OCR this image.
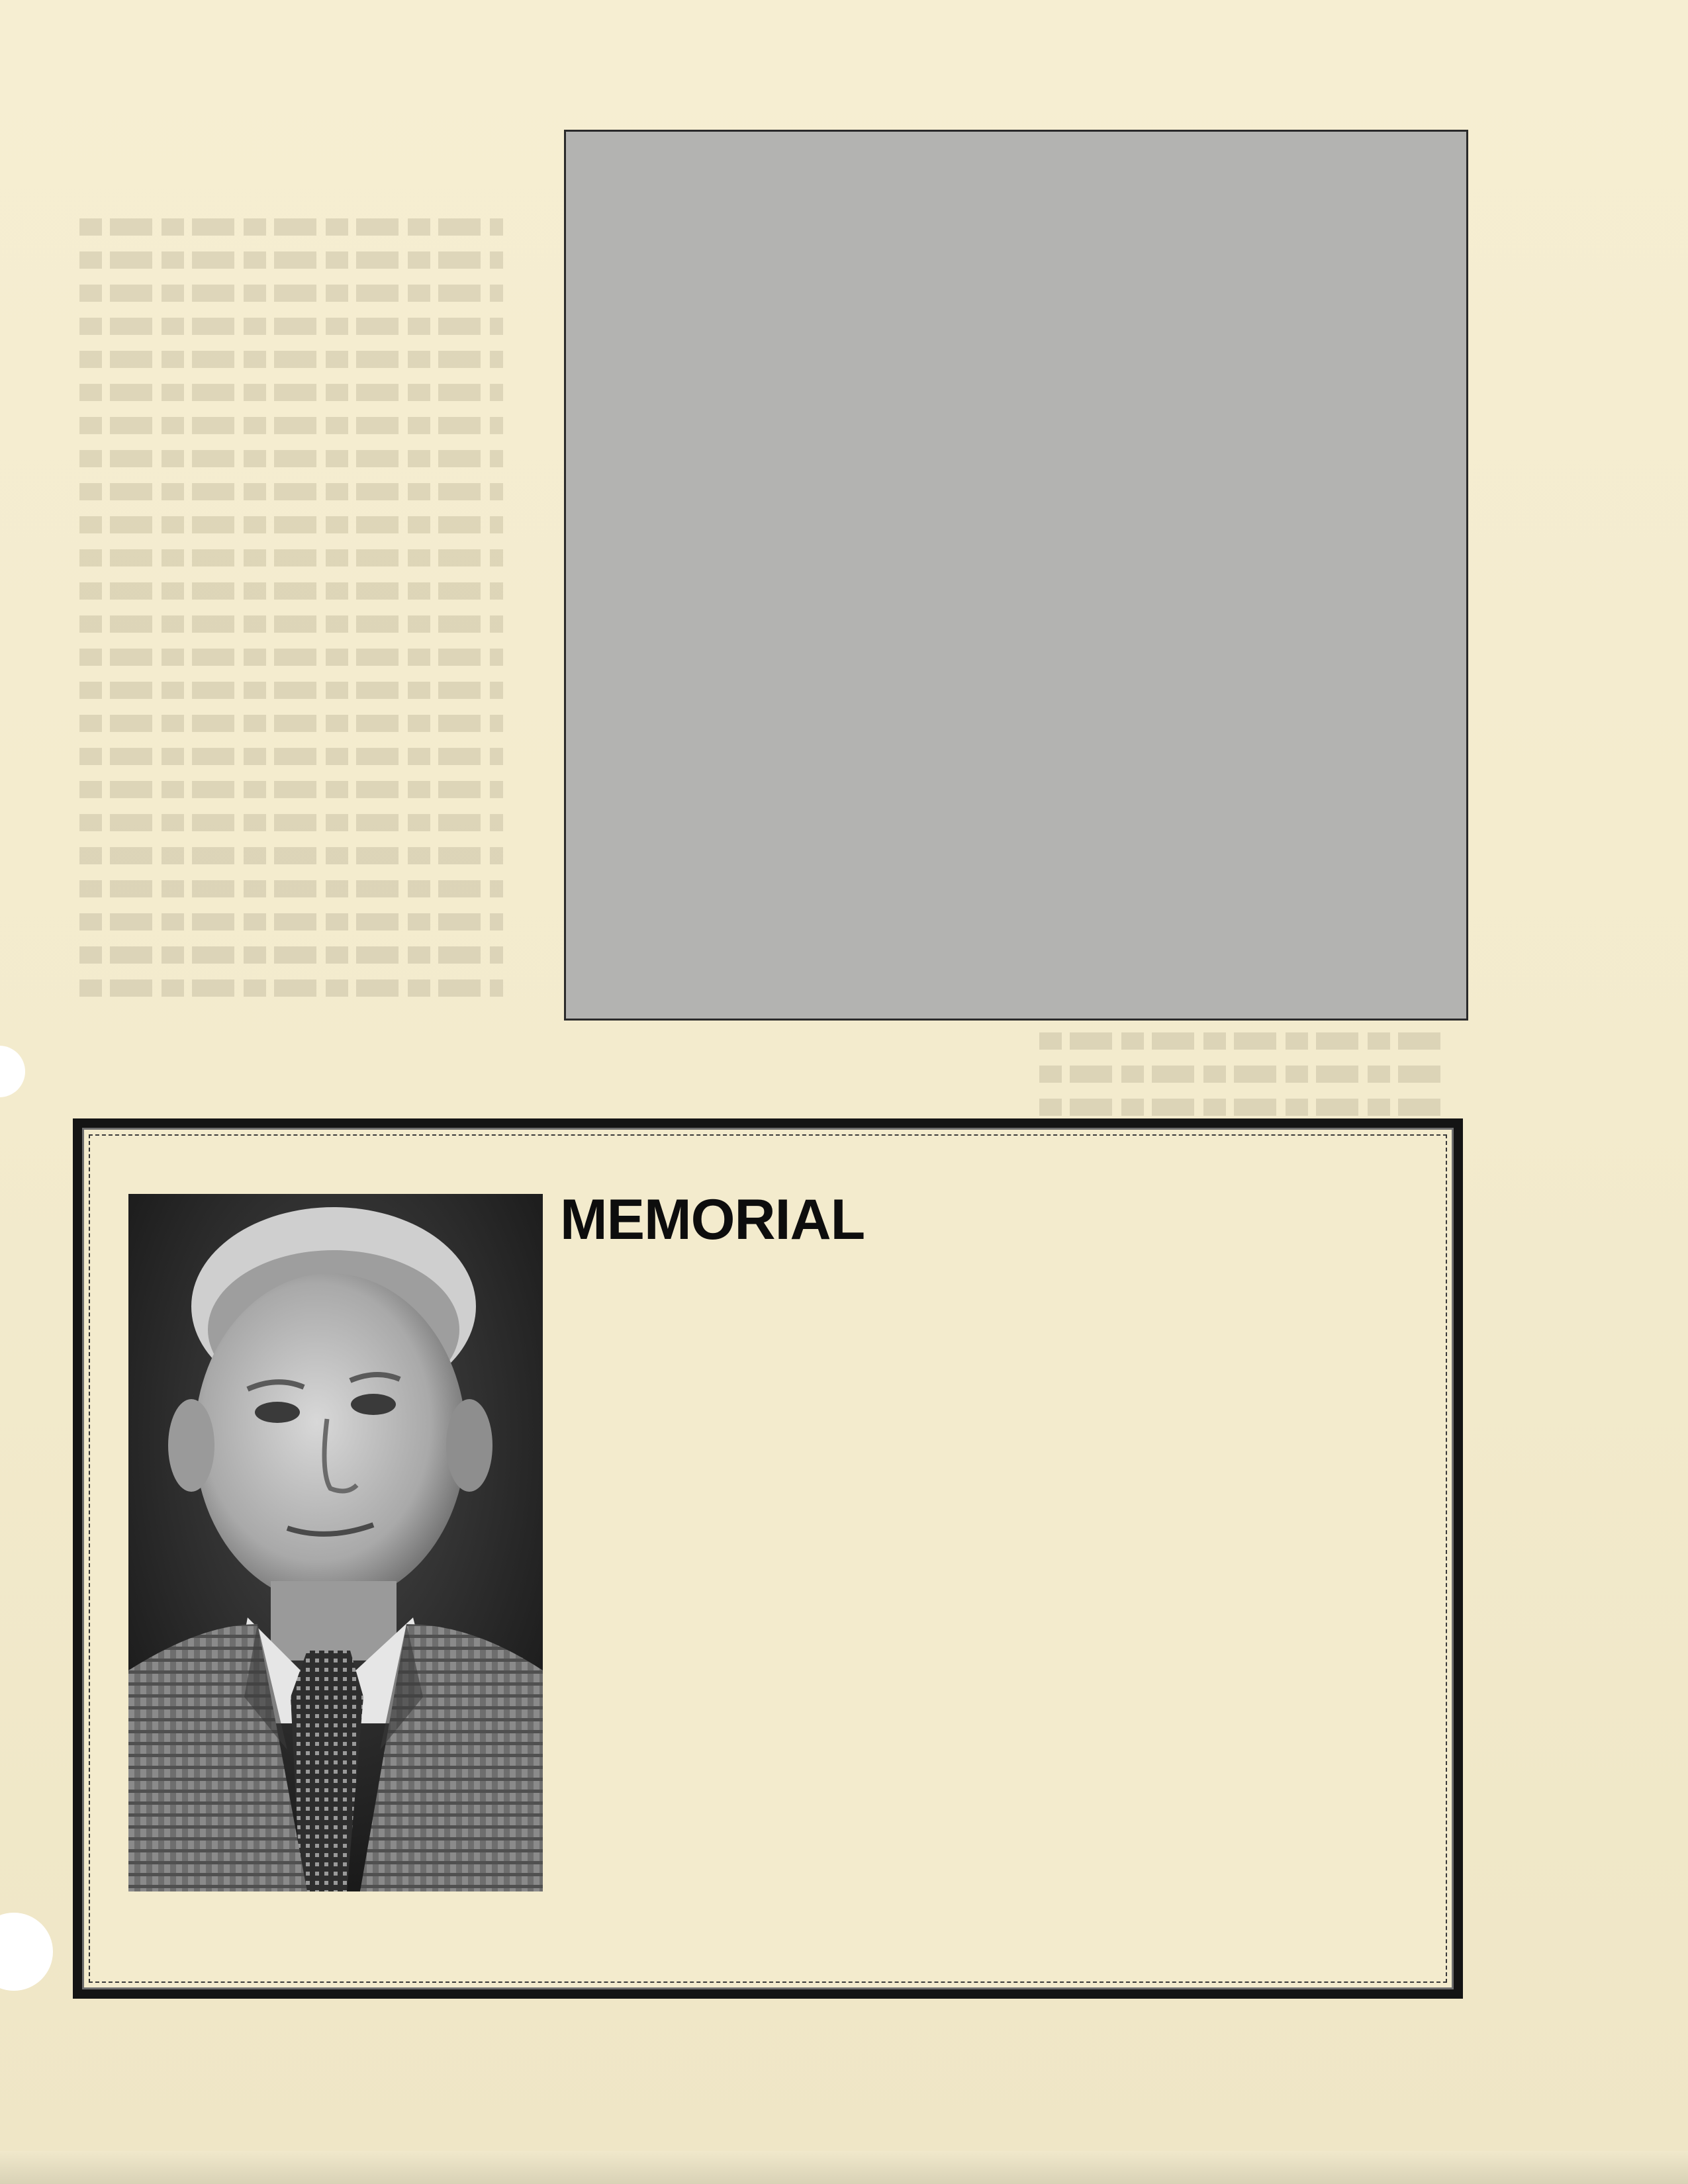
MEMORIAL
